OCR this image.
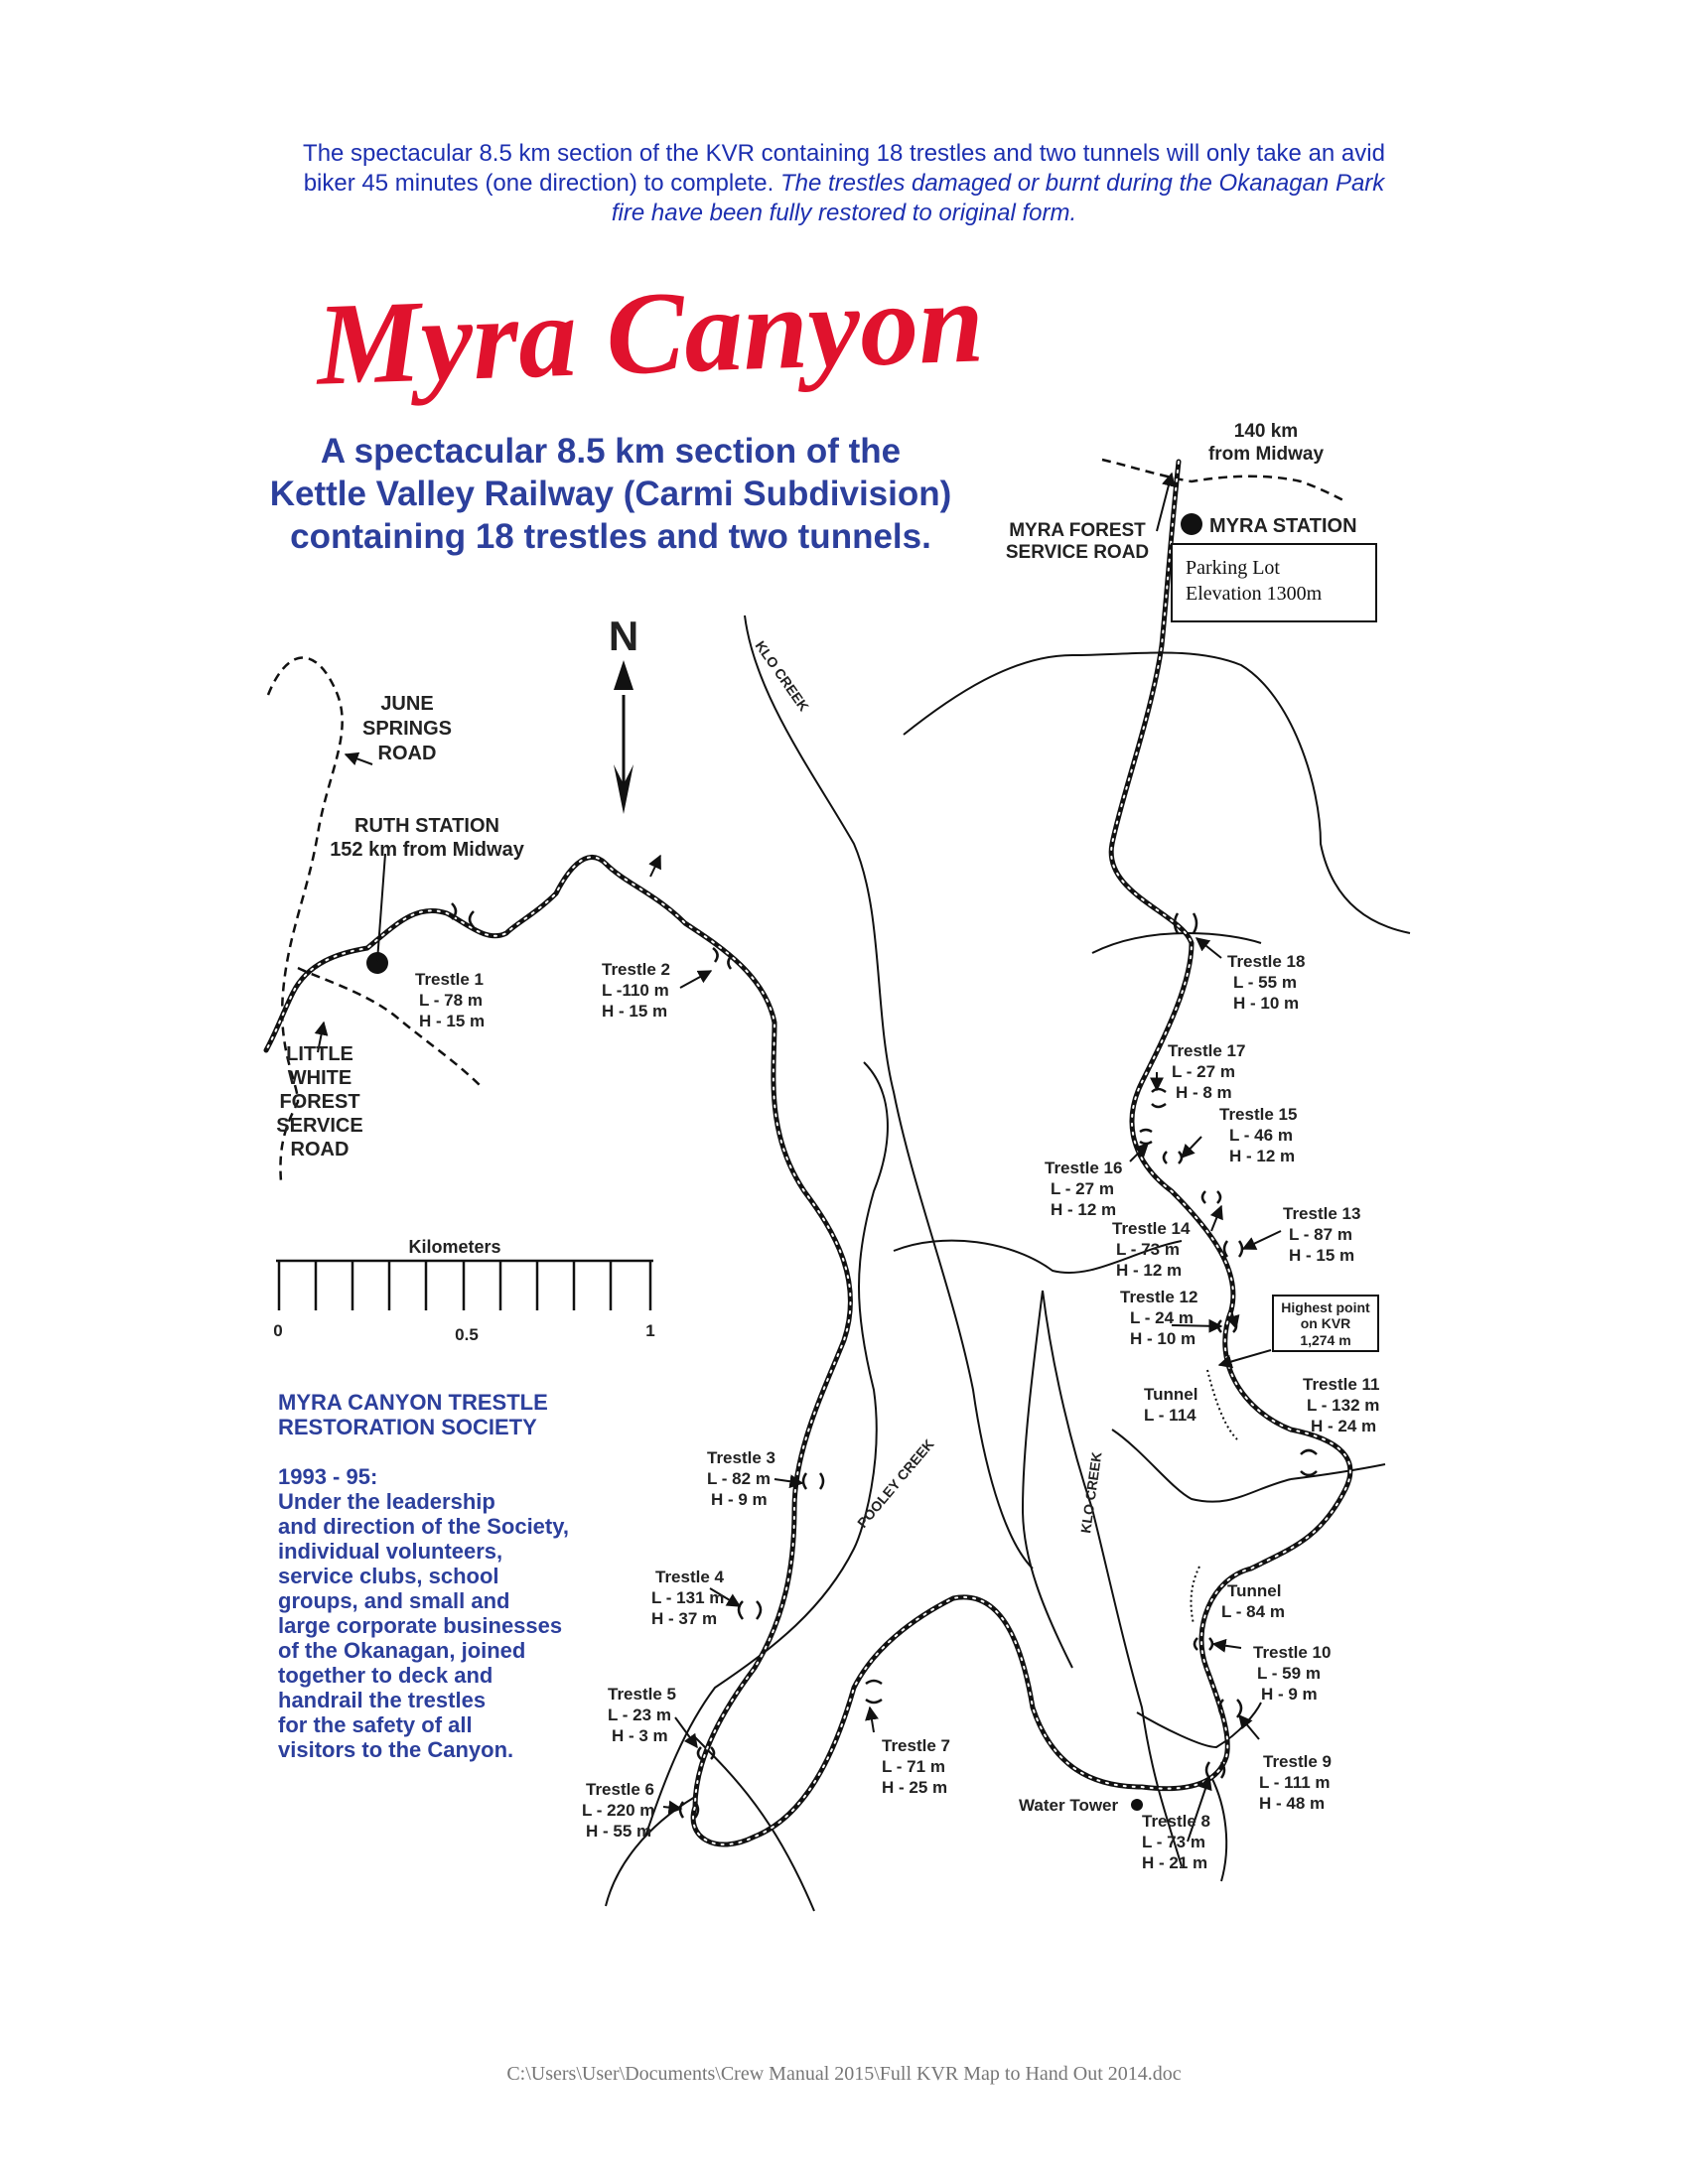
The spectacular 8.5 km section of the KVR containing 18 trestles and two tunnels will only take an avid
biker 45 minutes (one direction) to complete. The trestles damaged or burnt during the Okanagan Park
fire have been fully restored to original form.
Myra Canyon
A spectacular 8.5 km section of the
Kettle Valley Railway (Carmi Subdivision)
containing 18 trestles and two tunnels.
N
140 km
from Midway
MYRA FOREST
SERVICE ROAD
MYRA STATION
Parking Lot
Elevation 1300m
KLO CREEK
POOLEY CREEK	KLO CREEK
JUNE
SPRINGS
ROAD
RUTH STATION
152 km from Midway
LITTLE
WHITE
FOREST
SERVICE
ROAD
Kilometers
0	0.5	1
MYRA CANYON TRESTLE
RESTORATION SOCIETY
1993 - 95:
Under the leadership
and direction of the Society,
individual volunteers,
service clubs, school
groups, and small and
large corporate businesses
of the Okanagan, joined
together to deck and
handrail the trestles
for the safety of all
visitors to the Canyon.
Trestle 1
L - 78 m
H - 15 m
Trestle 2
L -110 m
H - 15 m
Trestle 3
L - 82 m
H - 9 m
Trestle 4
L - 131 m
H - 37 m
Trestle 5
L - 23 m
H - 3 m
Trestle 6
L - 220 m
H - 55 m
Trestle 7
L - 71 m
H - 25 m
Trestle 8
L - 73 m
H - 21 m
Trestle 9
L - 111 m
H - 48 m
Trestle 10
L - 59 m
H - 9 m
Trestle 11
L - 132 m
H - 24 m
Trestle 12
L - 24 m
H - 10 m
Trestle 13
L - 87 m
H - 15 m
Trestle 14
L - 73 m
H - 12 m
Trestle 15
L - 46 m
H - 12 m
Trestle 16
L - 27 m
H - 12 m
Trestle 17
L - 27 m
H - 8 m
Trestle 18
L - 55 m
H - 10 m
Tunnel
L - 114
Tunnel
L - 84 m
Highest point
on KVR
1,274 m
Water Tower
C:\Users\User\Documents\Crew Manual 2015\Full KVR Map to Hand Out 2014.doc
